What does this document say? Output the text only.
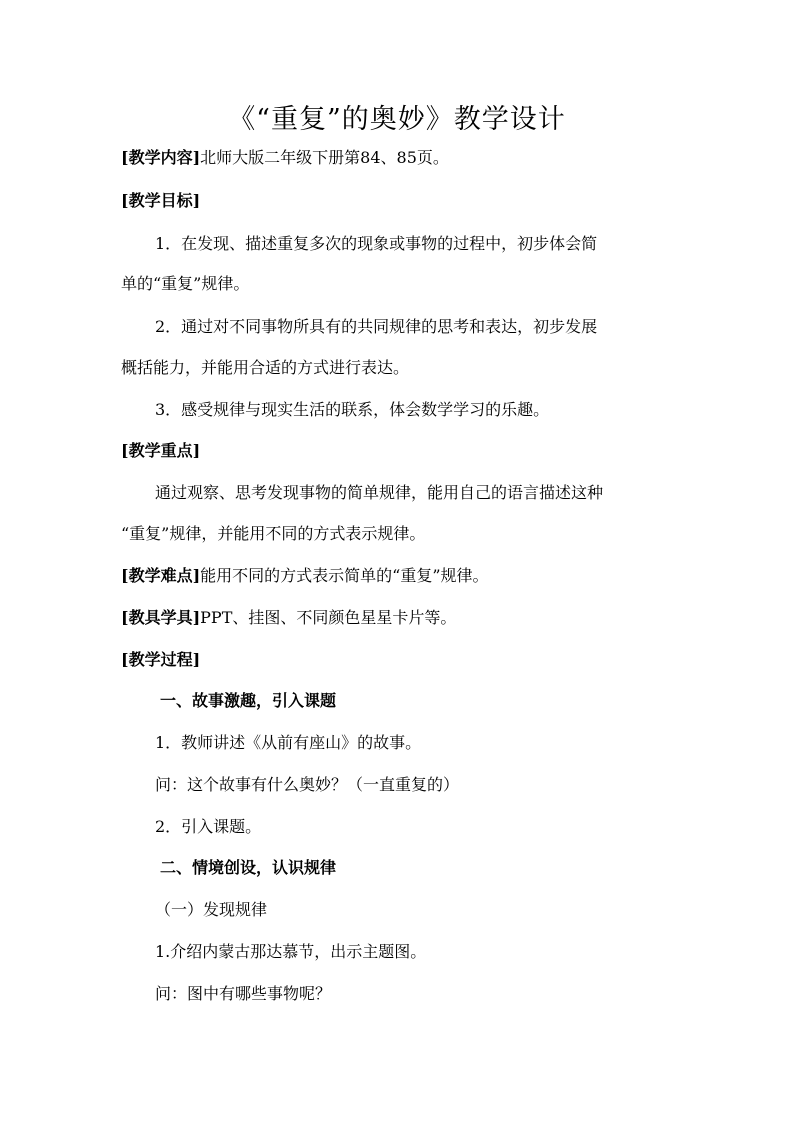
《“重复”的奥妙》教学设计
[教学内容]北师大版二年级下册第84、85页。
[教学目标]
1．在发现、描述重复多次的现象或事物的过程中，初步体会简
单的“重复”规律。
2．通过对不同事物所具有的共同规律的思考和表达，初步发展
概括能力，并能用合适的方式进行表达。
3．感受规律与现实生活的联系，体会数学学习的乐趣。
[教学重点]
通过观察、思考发现事物的简单规律，能用自己的语言描述这种
“重复”规律，并能用不同的方式表示规律。
[教学难点]能用不同的方式表示简单的“重复”规律。
[教具学具]PPT、挂图、不同颜色星星卡片等。
[教学过程]
一、故事激趣，引入课题
1．教师讲述《从前有座山》的故事。
问：这个故事有什么奥妙？（一直重复的）
2．引入课题。
二、情境创设，认识规律
（一）发现规律
1.介绍内蒙古那达慕节，出示主题图。
问：图中有哪些事物呢？
